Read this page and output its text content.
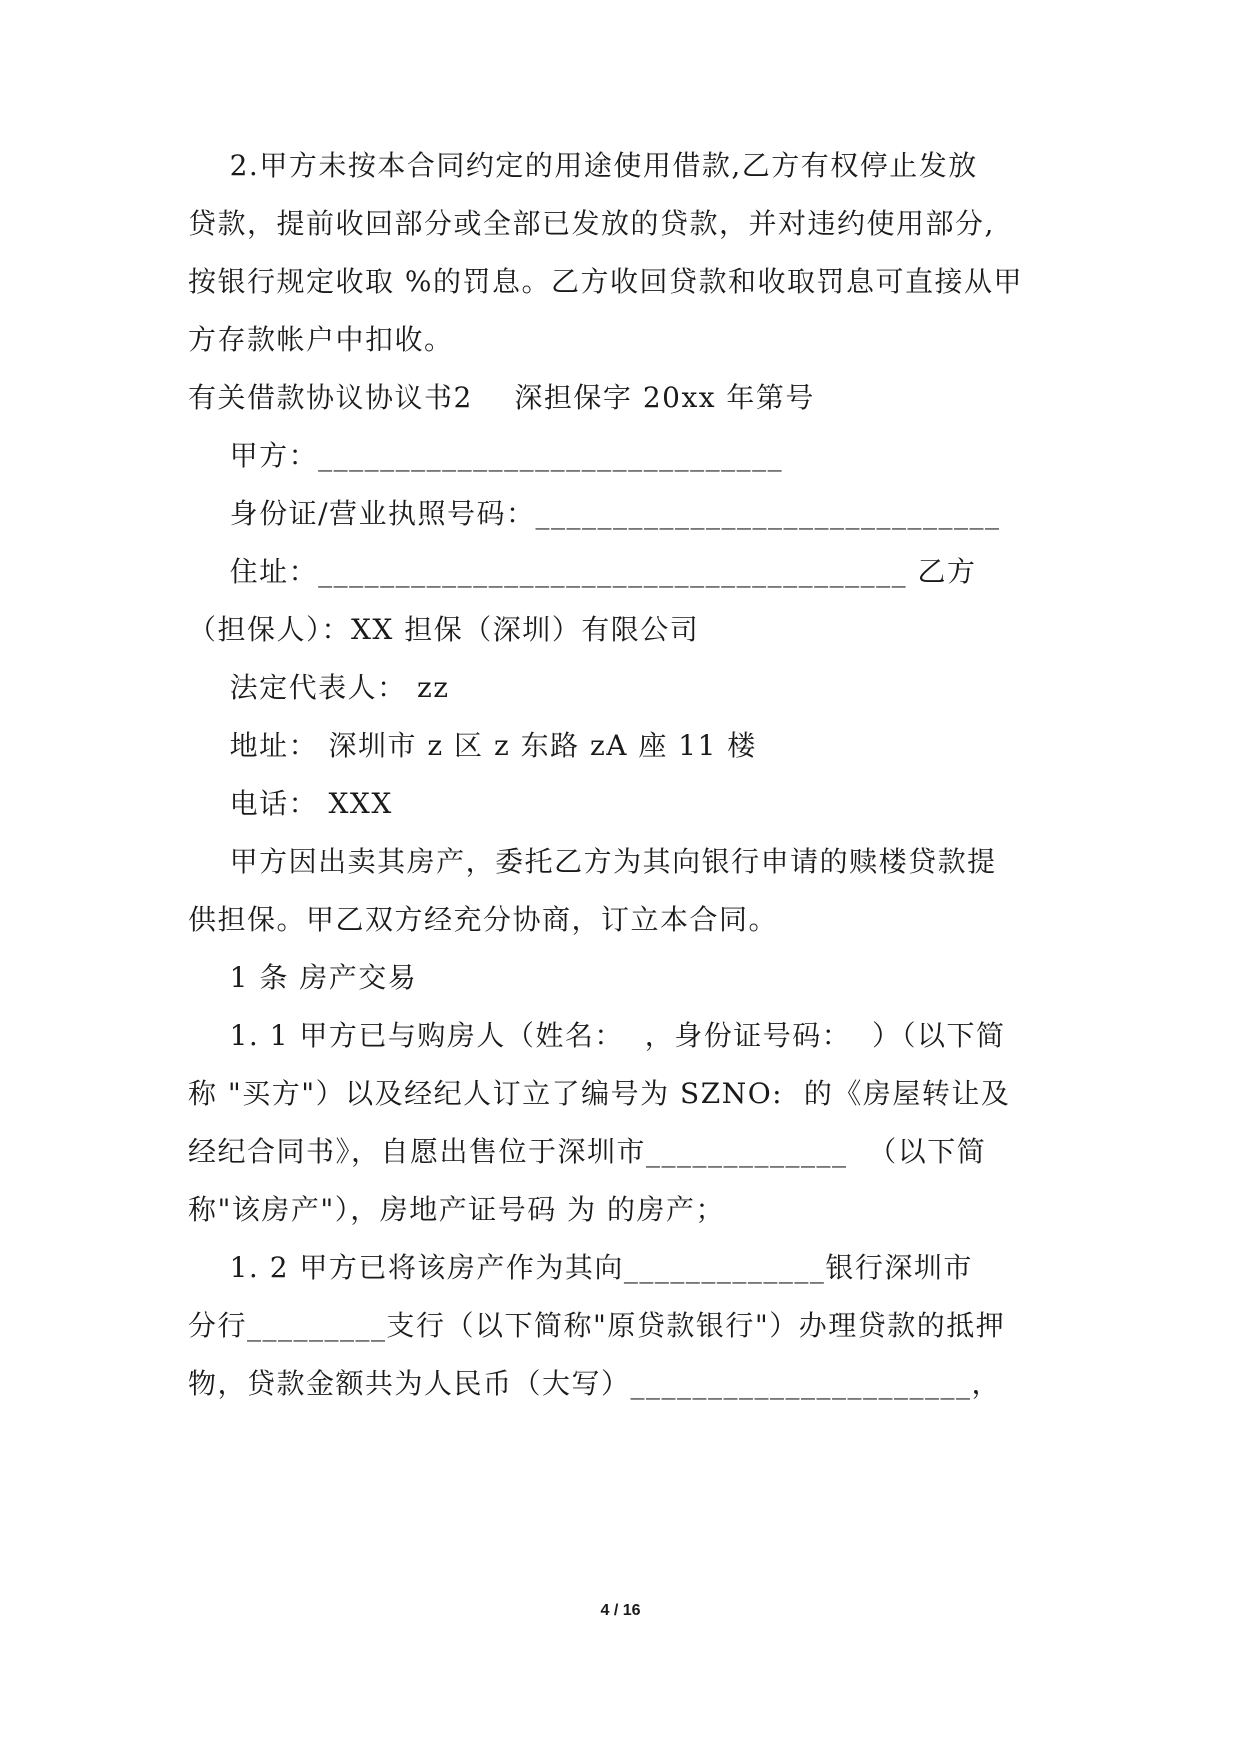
2.甲方未按本合同约定的用途使用借款,乙方有权停止发放
贷款，提前收回部分或全部已发放的贷款，并对违约使用部分,
按银行规定收取 %的罚息。乙方收回贷款和收取罚息可直接从甲
方存款帐户中扣收。
有关借款协议协议书2    深担保字 20xx 年第号
甲方：______________________________
身份证/营业执照号码：______________________________
住址：______________________________________ 乙方
（担保人）：XX 担保（深圳）有限公司
法定代表人： zz
地址： 深圳市 z 区 z 东路 zA 座 11 楼
电话： XXX
甲方因出卖其房产，委托乙方为其向银行申请的赎楼贷款提
供担保。甲乙双方经充分协商，订立本合同。
1 条 房产交易
1. 1 甲方已与购房人（姓名：  ，身份证号码：  ）（以下简
称 "买方"）以及经纪人订立了编号为 SZNO:  的《房屋转让及
经纪合同书》，自愿出售位于深圳市_____________  （以下简
称"该房产"），房地产证号码 为 的房产；
1. 2 甲方已将该房产作为其向_____________银行深圳市
分行_________支行（以下简称"原贷款银行"）办理贷款的抵押
物，贷款金额共为人民币（大写）______________________，
4 / 16
